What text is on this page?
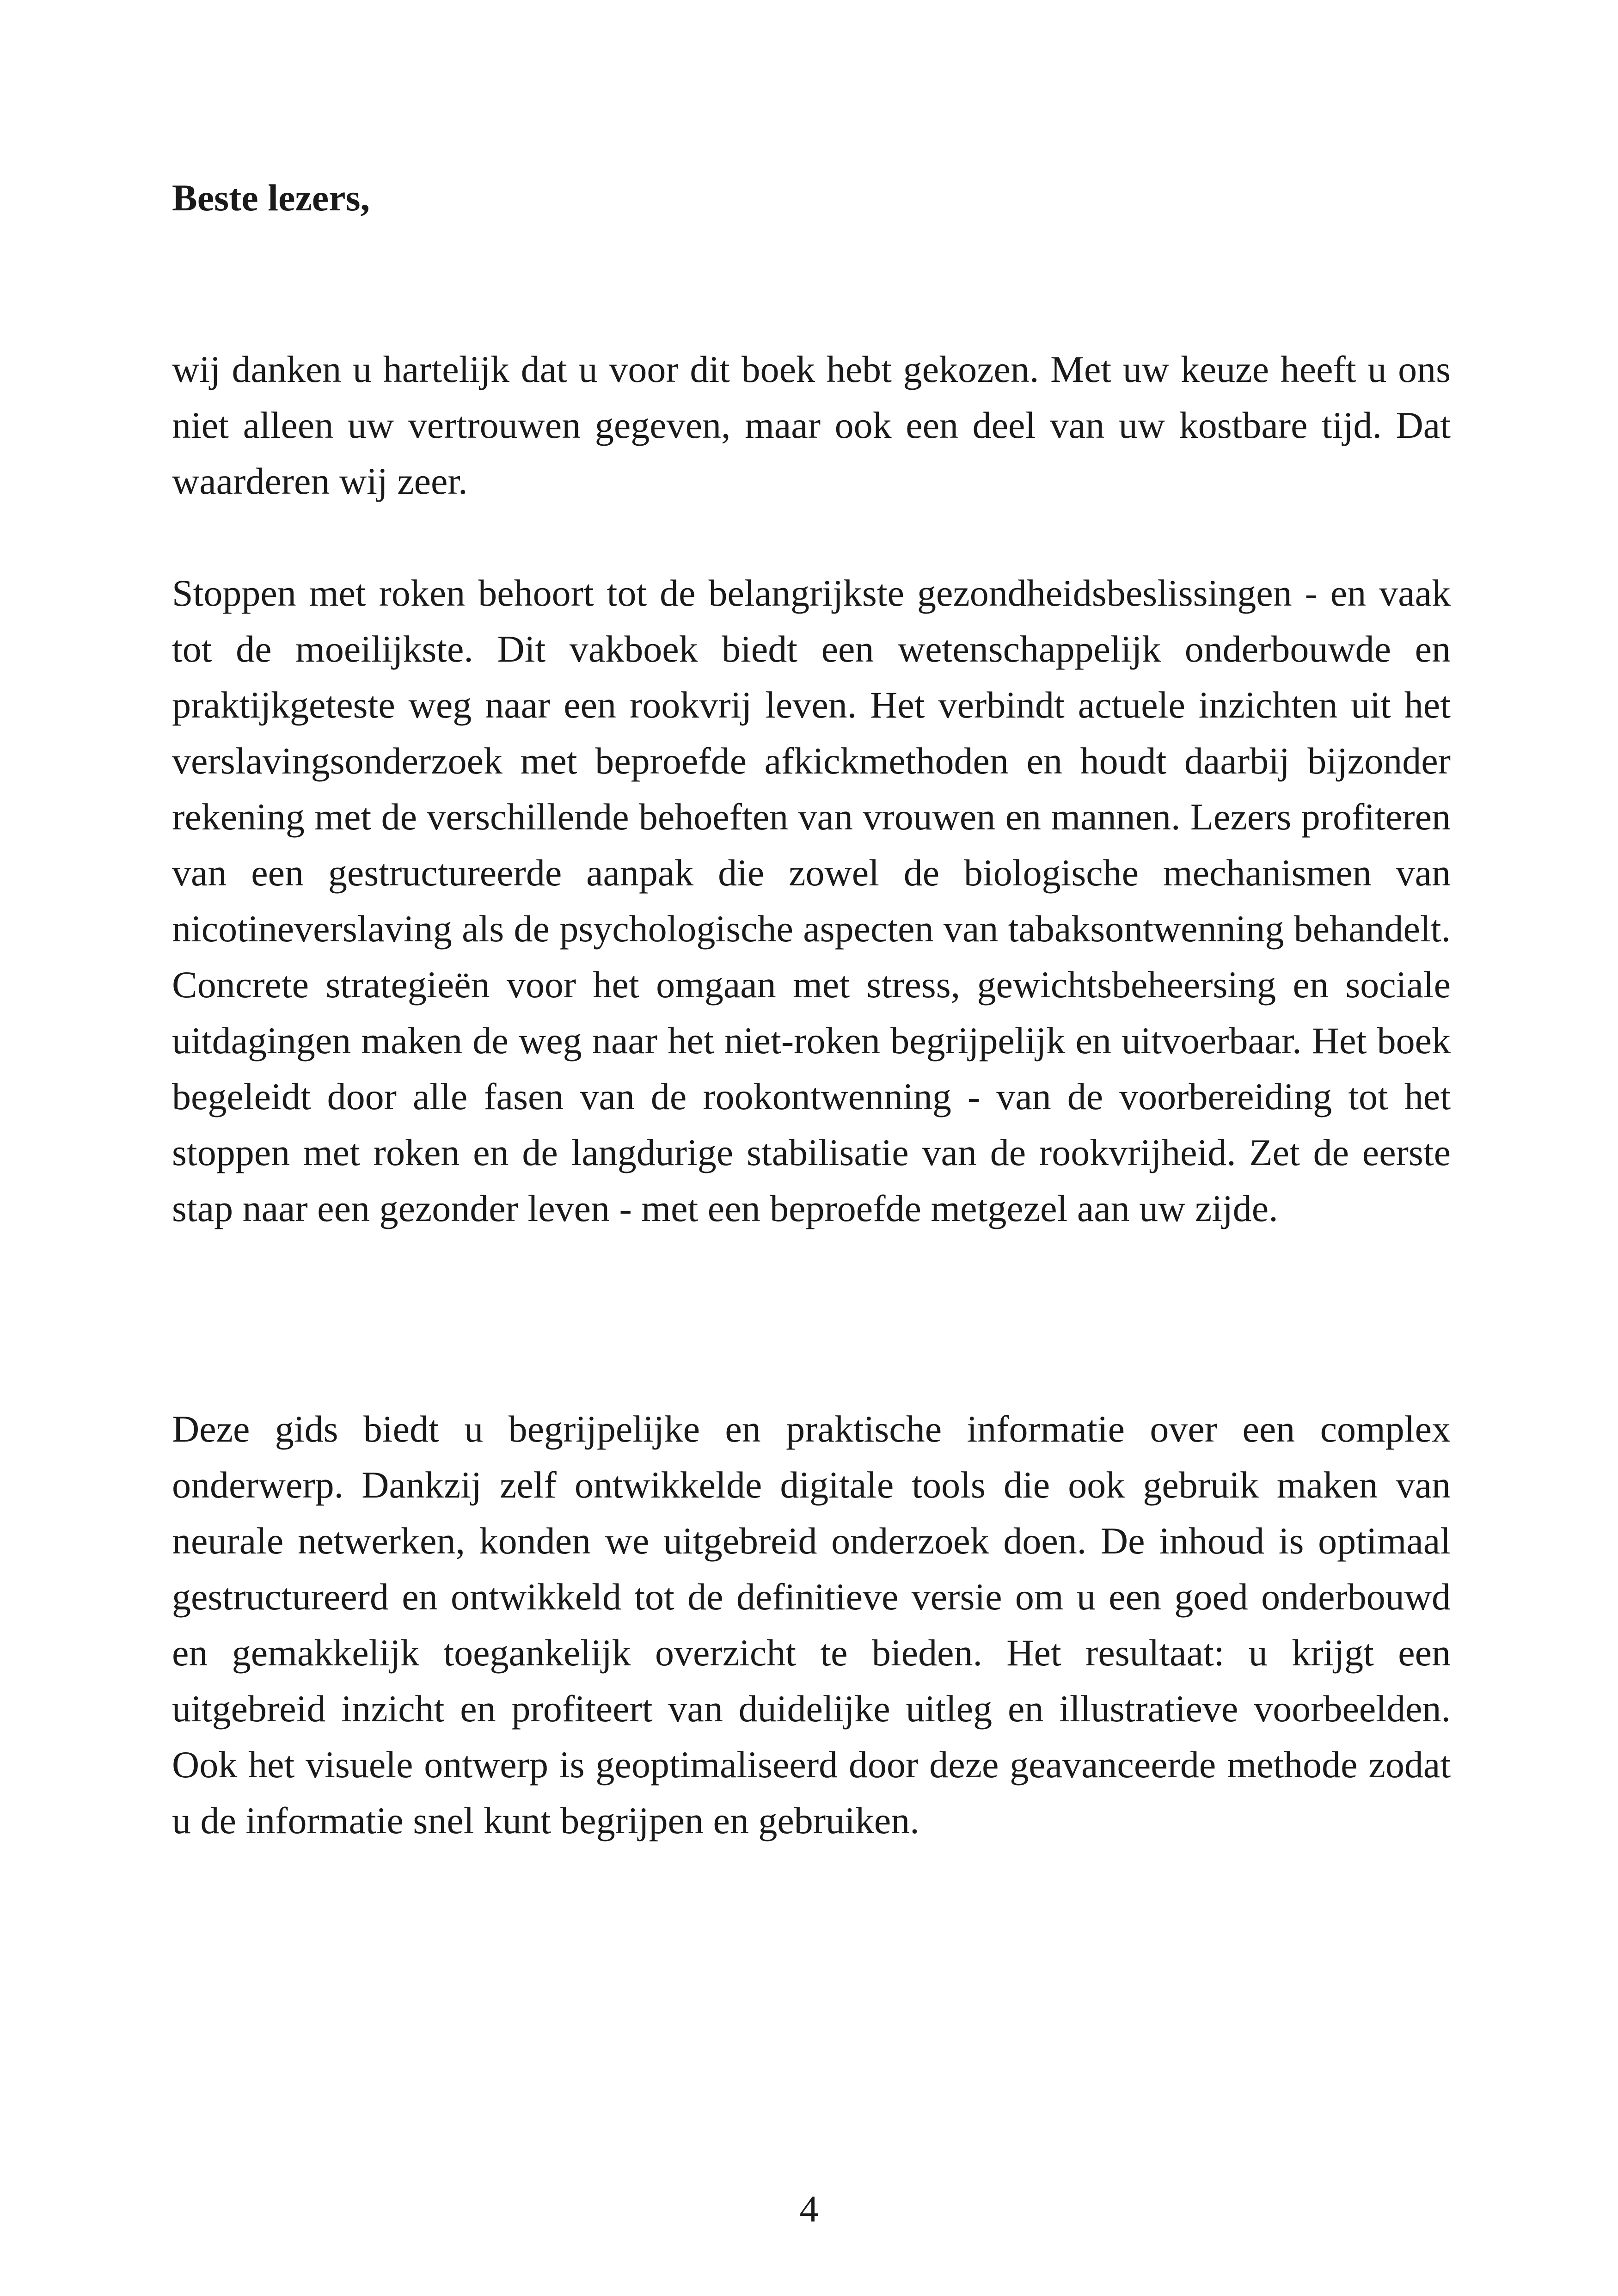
Beste lezers,

wij danken u hartelijk dat u voor dit boek hebt gekozen. Met uw keuze heeft u ons niet alleen uw vertrouwen gegeven, maar ook een deel van uw kostbare tijd. Dat waarderen wij zeer.

Stoppen met roken behoort tot de belangrijkste gezondheidsbeslissingen - en vaak tot de moeilijkste. Dit vakboek biedt een wetenschappelijk onderbouwde en praktijkgeteste weg naar een rookvrij leven. Het verbindt actuele inzichten uit het verslavingsonderzoek met beproefde afkickmethoden en houdt daarbij bijzonder rekening met de verschillende behoeften van vrouwen en mannen. Lezers profiteren van een gestructureerde aanpak die zowel de biologische mechanismen van nicotineverslaving als de psychologische aspecten van tabaksontwenning behandelt. Concrete strategieën voor het omgaan met stress, gewichtsbeheersing en sociale uitdagingen maken de weg naar het niet-roken begrijpelijk en uitvoerbaar. Het boek begeleidt door alle fasen van de rookontwenning - van de voorbereiding tot het stoppen met roken en de langdurige stabilisatie van de rookvrijheid. Zet de eerste stap naar een gezonder leven - met een beproefde metgezel aan uw zijde.

Deze gids biedt u begrijpelijke en praktische informatie over een complex onderwerp. Dankzij zelf ontwikkelde digitale tools die ook gebruik maken van neurale netwerken, konden we uitgebreid onderzoek doen. De inhoud is optimaal gestructureerd en ontwikkeld tot de definitieve versie om u een goed onderbouwd en gemakkelijk toegankelijk overzicht te bieden. Het resultaat: u krijgt een uitgebreid inzicht en profiteert van duidelijke uitleg en illustratieve voorbeelden. Ook het visuele ontwerp is geoptimaliseerd door deze geavanceerde methode zodat u de informatie snel kunt begrijpen en gebruiken.

4
